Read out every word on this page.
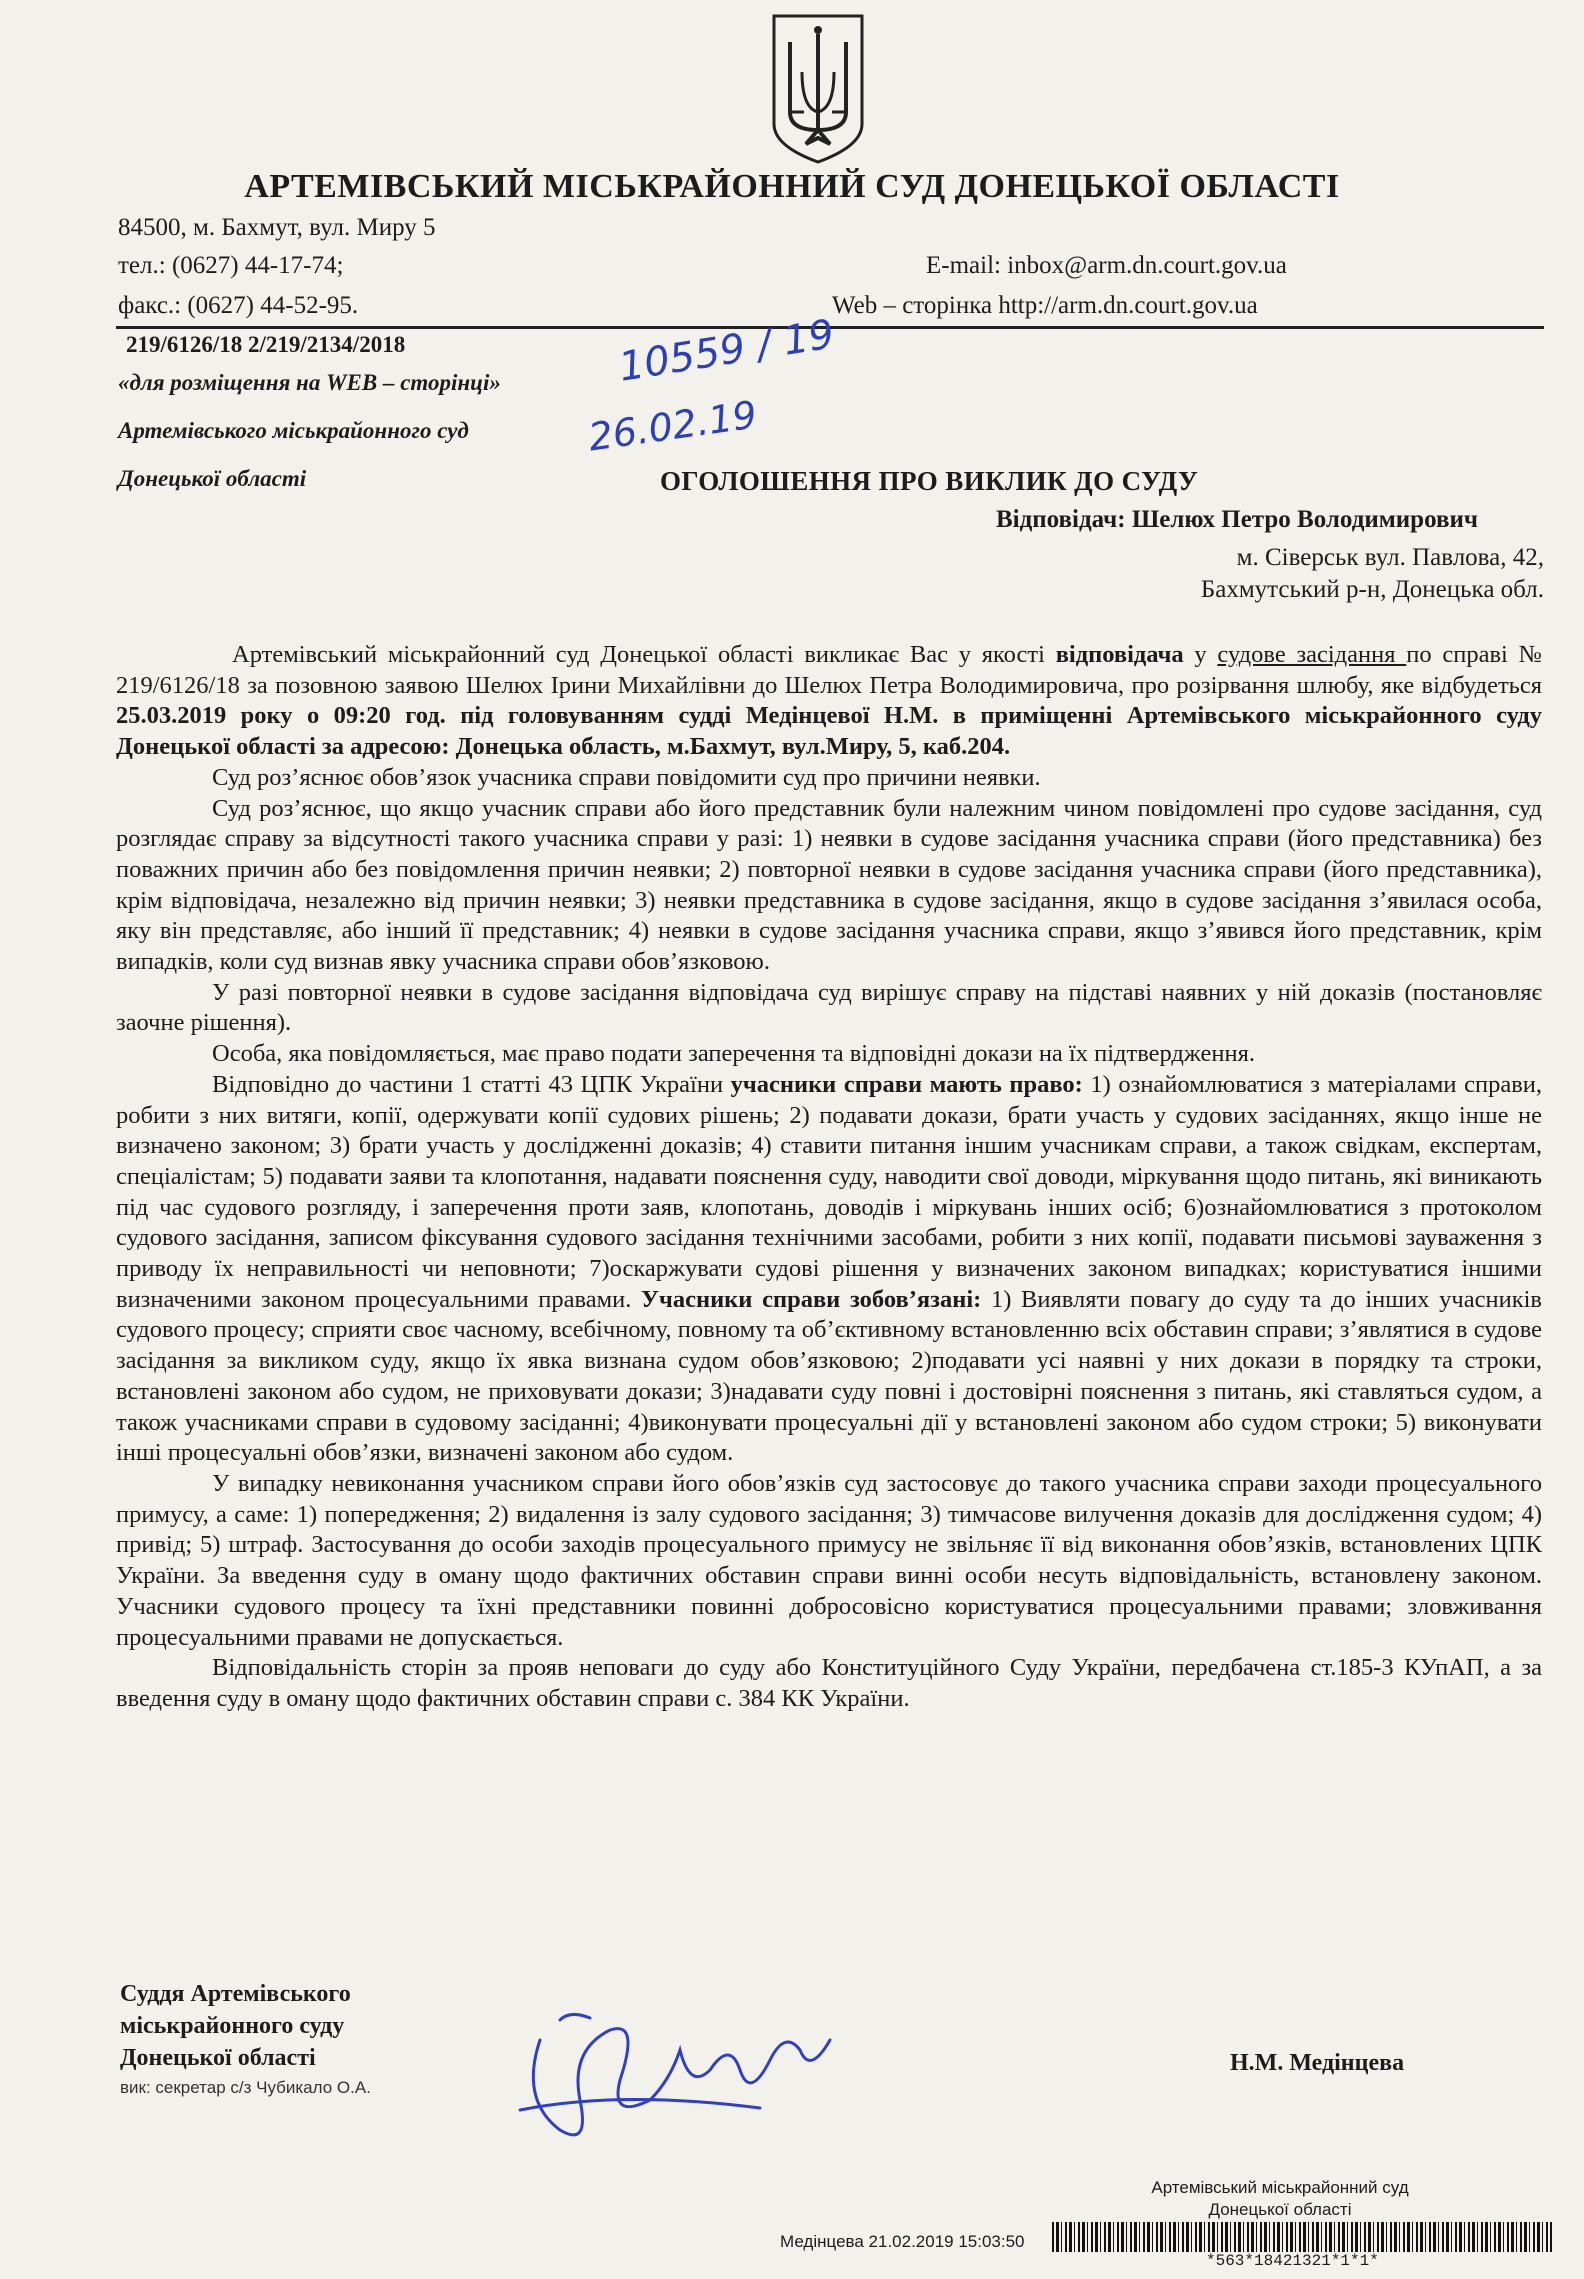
АРТЕМІВСЬКИЙ МІСЬКРАЙОННИЙ СУД ДОНЕЦЬКОЇ ОБЛАСТІ
84500, м. Бахмут, вул. Миру 5
тел.: (0627) 44-17-74;
факс.: (0627) 44-52-95.
E-mail: inbox@arm.dn.court.gov.ua
Web – сторінка http://arm.dn.court.gov.ua
219/6126/18 2/219/2134/2018
«для розміщення на WEB – сторінці»
Артемівського міськрайонного суд
Донецької області
10559 / 19
26.02.19
ОГОЛОШЕННЯ ПРО ВИКЛИК ДО СУДУ
Відповідач: Шелюх Петро Володимирович
м. Сіверськ вул. Павлова, 42,
Бахмутський р-н, Донецька обл.

Артемівський міськрайонний суд Донецької області викликає Вас у якості відповідача у судове засідання по справі № 219/6126/18 за позовною заявою Шелюх Ірини Михайлівни до Шелюх Петра Володимировича, про розірвання шлюбу, яке відбудеться 25.03.2019 року о 09:20 год. під головуванням судді Медінцевої Н.М. в приміщенні Артемівського міськрайонного суду Донецької області за адресою: Донецька область, м.Бахмут, вул.Миру, 5, каб.204.

Суд роз’яснює обов’язок учасника справи повідомити суд про причини неявки.

Суд роз’яснює, що якщо учасник справи або його представник були належним чином повідомлені про судове засідання, суд розглядає справу за відсутності такого учасника справи у разі: 1) неявки в судове засідання учасника справи (його представника) без поважних причин або без повідомлення причин неявки; 2) повторної неявки в судове засідання учасника справи (його представника), крім відповідача, незалежно від причин неявки; 3) неявки представника в судове засідання, якщо в судове засідання з’явилася особа, яку він представляє, або інший її представник; 4) неявки в судове засідання учасника справи, якщо з’явився його представник, крім випадків, коли суд визнав явку учасника справи обов’язковою.

У разі повторної неявки в судове засідання відповідача суд вирішує справу на підставі наявних у ній доказів (постановляє заочне рішення).

Особа, яка повідомляється, має право подати заперечення та відповідні докази на їх підтвердження.

Відповідно до частини 1 статті 43 ЦПК України учасники справи мають право: 1) ознайомлюватися з матеріалами справи, робити з них витяги, копії, одержувати копії судових рішень; 2) подавати докази, брати участь у судових засіданнях, якщо інше не визначено законом; 3) брати участь у дослідженні доказів; 4) ставити питання іншим учасникам справи, а також свідкам, експертам, спеціалістам; 5) подавати заяви та клопотання, надавати пояснення суду, наводити свої доводи, міркування щодо питань, які виникають під час судового розгляду, і заперечення проти заяв, клопотань, доводів і міркувань інших осіб; 6)ознайомлюватися з протоколом судового засідання, записом фіксування судового засідання технічними засобами, робити з них копії, подавати письмові зауваження з приводу їх неправильності чи неповноти; 7)оскаржувати судові рішення у визначених законом випадках; користуватися іншими визначеними законом процесуальними правами. Учасники справи зобов’язані: 1) Виявляти повагу до суду та до інших учасників судового процесу; сприяти своє часному, всебічному, повному та об’єктивному встановленню всіх обставин справи; з’являтися в судове засідання за викликом суду, якщо їх явка визнана судом обов’язковою; 2)подавати усі наявні у них докази в порядку та строки, встановлені законом або судом, не приховувати докази; 3)надавати суду повні і достовірні пояснення з питань, які ставляться судом, а також учасниками справи в судовому засіданні; 4)виконувати процесуальні дії у встановлені законом або судом строки; 5) виконувати інші процесуальні обов’язки, визначені законом або судом.

У випадку невиконання учасником справи його обов’язків суд застосовує до такого учасника справи заходи процесуального примусу, а саме: 1) попередження; 2) видалення із залу судового засідання; 3) тимчасове вилучення доказів для дослідження судом; 4) привід; 5) штраф. Застосування до особи заходів процесуального примусу не звільняє її від виконання обов’язків, встановлених ЦПК України. За введення суду в оману щодо фактичних обставин справи винні особи несуть відповідальність, встановлену законом. Учасники судового процесу та їхні представники повинні добросовісно користуватися процесуальними правами; зловживання процесуальними правами не допускається.

Відповідальність сторін за прояв неповаги до суду або Конституційного Суду України, передбачена ст.185-3 КУпАП, а за введення суду в оману щодо фактичних обставин справи с. 384 КК України.

Суддя Артемівського
міськрайонного суду
Донецької області
вик: секретар с/з Чубикало О.А.
Н.М. Медінцева
Артемівський міськрайонний суд
Донецької області
Медінцева 21.02.2019 15:03:50
*563*18421321*1*1*
